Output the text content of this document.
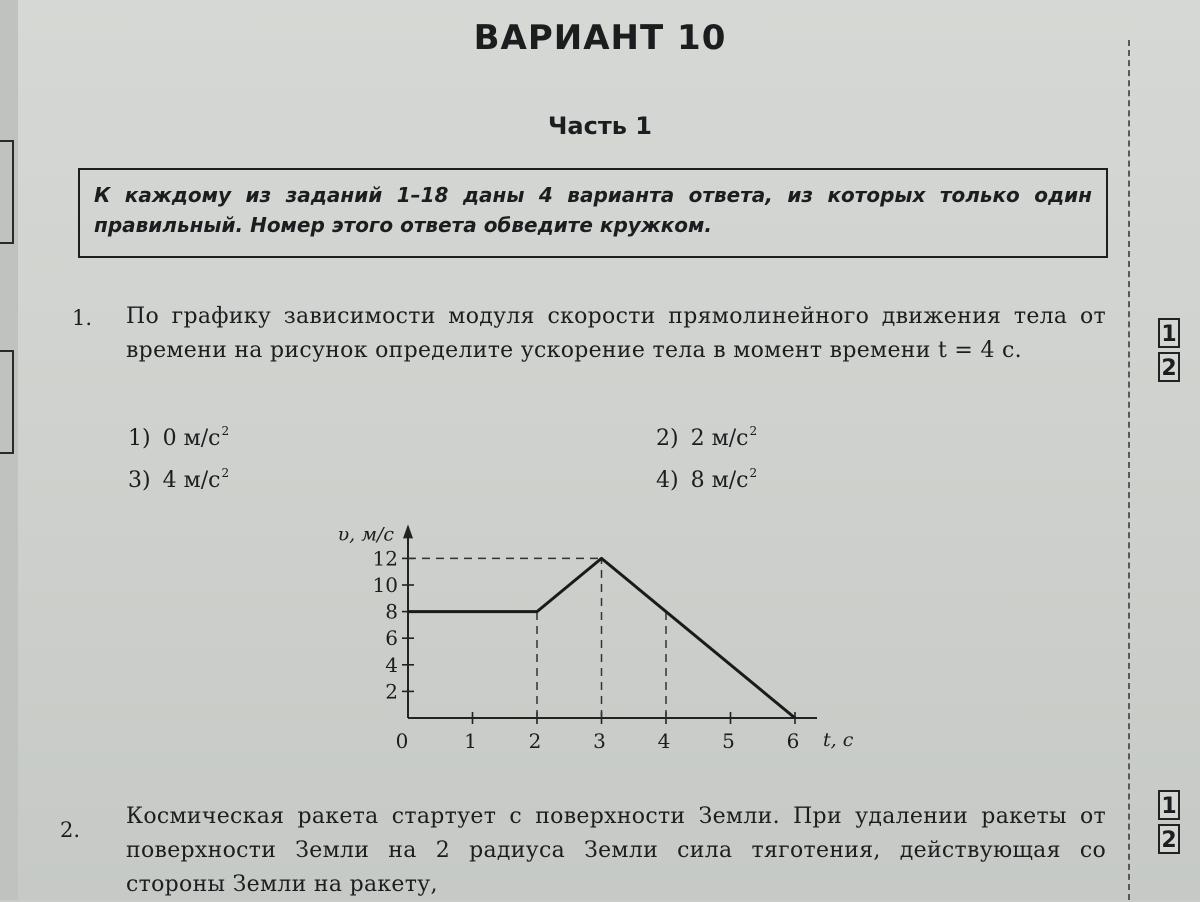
ВАРИАНТ 10
Часть 1
К каждому из заданий 1–18 даны 4 варианта ответа, из которых только один правильный. Номер этого ответа обведите кружком.
1. По графику зависимости модуля скорости прямолинейного движения тела от времени на рисунок определите ускорение тела в момент времени t = 4 с.
1) 0 $м/с^2$	2) 2 $м/с^2$
3) 4 $м/с^2$	4) 8 $м/с^2$
12
0	1	2	3	4	5	6
2
4
6
8
10
12
υ, м/с
t, с
2.
Космическая ракета стартует с поверхности Земли. При удалении ракеты от поверхности Земли на 2 радиуса Земли сила тяготения, действующая со стороны Земли на ракету,
12
